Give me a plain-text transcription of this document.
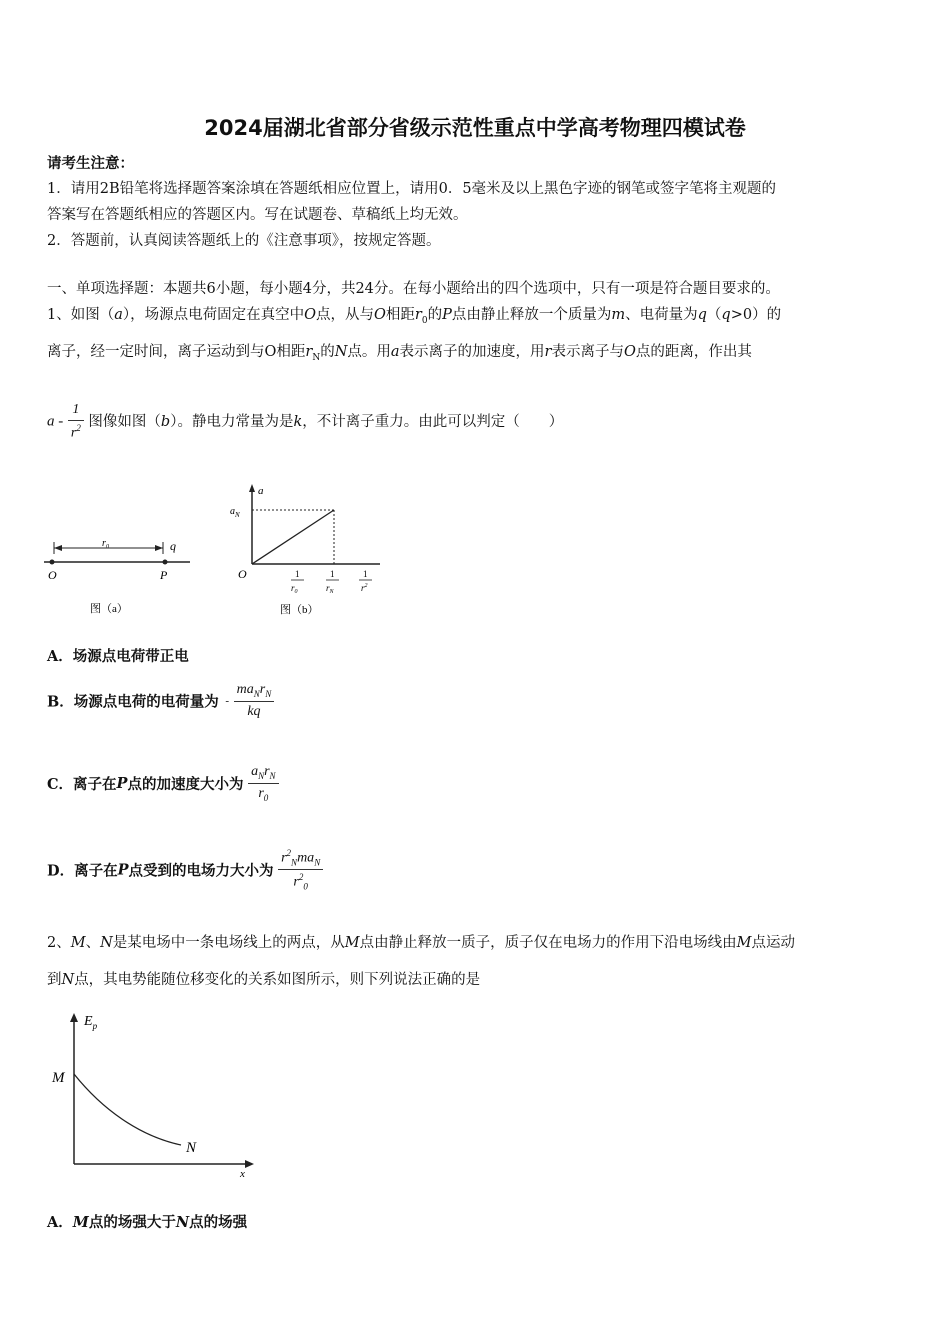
2024届湖北省部分省级示范性重点中学高考物理四模试卷
请考生注意：
1．请用2B铅笔将选择题答案涂填在答题纸相应位置上，请用0．5毫米及以上黑色字迹的钢笔或签字笔将主观题的
答案写在答题纸相应的答题区内。写在试题卷、草稿纸上均无效。
2．答题前，认真阅读答题纸上的《注意事项》，按规定答题。
一、单项选择题：本题共6小题，每小题4分，共24分。在每小题给出的四个选项中，只有一项是符合题目要求的。
1、如图（a），场源点电荷固定在真空中O点，从与O相距$r_0$的P点由静止释放一个质量为m、电荷量为q（q>0）的
离子，经一定时间，离子运动到与O相距$r_N$的N点。用a表示离子的加速度，用r表示离子与O点的距离，作出其
a - $\frac{1}{r^2}$ 图像如图（b）。静电力常量为是k，不计离子重力。由此可以判定（　　）
r₀	q
O	P
图（a）
a
$a_N$
O	1
$r_0$
1
$r_N$
1
$r^2$
图（b）
A．场源点电荷带正电
B．场源点电荷的电荷量为 - $\frac{ma_Nr_N}{kq}$
C．离子在P点的加速度大小为 $\frac{a_Nr_N}{r_0}$
D．离子在P点受到的电场力大小为 $\frac{r^2_Nma_N}{r^2_0}$
2、M、N是某电场中一条电场线上的两点，从M点由静止释放一质子，质子仅在电场力的作用下沿电场线由M点运动
到N点，其电势能随位移变化的关系如图所示，则下列说法正确的是
$E_p$
M
N
x
A．M点的场强大于N点的场强
